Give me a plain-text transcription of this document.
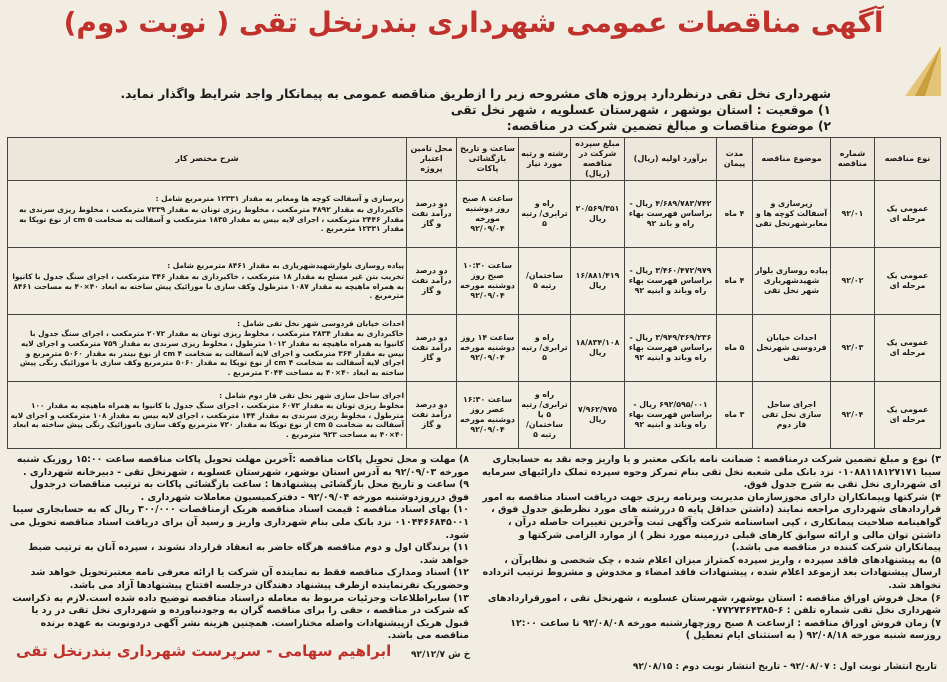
آگهی مناقصات عمومی شهرداری بندرنخل تقی ( نوبت دوم)
شهرداری نخل تقی درنظردارد پروژه های مشروحه زیر را ازطریق مناقصه عمومی به پیمانکار واجد شرایط واگذار نماید.
۱) موقعیت : استان بوشهر ، شهرستان عسلویه ، شهر نخل تقی
۲) موضوع مناقصات و مبالغ تضمین شرکت در مناقصه:
نوع مناقصه	شماره مناقصه	موضوع مناقصه	مدت پیمان	برآورد اولیه (ریال)	مبلغ سپرده شرکت در مناقصه (ریال)	رشته و رتبه مورد نیاز	ساعت و تاریخ بازگشائی پاکات	محل تامین اعتبار پروژه	شرح مختصر کار
عمومی یک مرحله ای	۹۲/۰۱	زیرسازی و آسفالت کوچه ها و معابرشهرنخل تقی	۴ ماه	۴/۶۸۹/۷۸۳/۷۴۲ ریال - براساس فهرست بهاء راه و باند ۹۲	۲۰/۵۶۹/۳۵۱ ریال	راه و ترابری/ رتبه ۵	ساعت ۸ صبح روز دوشنبه مورخه ۹۲/۰۹/۰۴	دو درصد درآمد نفت و گاز	زیرسازی و آسفالت کوچه ها ومعابر به مقدار ۱۲۳۳۱ مترمربع شامل :
خاکبرداری به مقدار ۴۸۹۲ مترمکعب ، مخلوط ریزی تونان به مقدار ۷۳۳۹ مترمکعب ، مخلوط ریزی سرندی به مقدار ۲۴۴۶ مترمکعب ، اجرای لایه بیس به مقدار ۱۸۳۵ مترمکعب و آسفالت به ضخامت ۵ cm از نوع توپکا به مقدار ۱۲۳۳۱ مترمربع .
عمومی یک مرحله ای	۹۲/۰۲	پیاده روسازی بلوار شهیدشهریاری شهر نخل تقی	۴ ماه	۳/۴۶۰/۴۷۲/۹۷۹ ریال - براساس فهرست بهاء راه وباند و ابنیه ۹۲	۱۶/۸۸۱/۴۱۹ ریال	ساختمان/ رتبه ۵	ساعت ۱۰:۳۰ صبح روز دوشنبه مورخه ۹۲/۰۹/۰۴	دو درصد درآمد نفت و گاز	پیاده روسازی بلوارشهیدشهریاری به مقدار ۸۴۶۱ مترمربع شامل :
تخریب بتن غیر مسلح به مقدار ۱۸ مترمکعب ، خاکبرداری به مقدار ۳۴۶ مترمکعب ، اجرای سنگ جدول با کانیوا به همراه ماهیچه به مقدار ۱۰۸۷ مترطول وکف سازی با موزائیک پیش ساخته به ابعاد ۴۰×۴۰ به مساحت ۸۴۶۱ مترمربع .
عمومی یک مرحله ای	۹۲/۰۳	احداث خیابان فردوسی شهرنخل تقی	۵ ماه	۳/۹۴۹/۳۶۹/۲۳۶ ریال - براساس فهرست بهاء راه وباند و ابنیه ۹۲	۱۸/۸۳۴/۱۰۸ ریال	راه و ترابری/ رتبه ۵	ساعت ۱۴ روز دوشنبه مورخه ۹۲/۰۹/۰۴	دو درصد درآمد نفت و گاز	احداث خیابان فردوسی شهر نخل تقی شامل :
خاکبرداری به مقدار ۲۸۳۴ مترمکعب ، مخلوط ریزی تونان به مقدار ۲۰۷۲ مترمکعب ، اجرای سنگ جدول با کانیوا به همراه ماهیچه به مقدار ۱۰۱۲ مترطول ، مخلوط ریزی سرندی به مقدار ۷۵۹ مترمکعب و اجرای لایه بیس به مقدار ۳۶۴ مترمکعب و اجرای لایه آسفالت به ضخامت ۴ cm از نوع بیندر به مقدار ۵۰۶۰ مترمربع و اجرای لایه آسفالت به ضخامت ۴ cm از نوع توپکا به مقدار ۵۰۶۰ مترمربع وکف سازی با موزائیک رنگی پیش ساخته به ابعاد ۴۰×۴۰ به مساحت ۲۰۴۴ مترمربع .
عمومی یک مرحله ای	۹۲/۰۴	اجرای ساحل سازی نخل تقی فاز دوم	۳ ماه	۶۹۲/۵۹۵/۰۰۱ ریال - براساس فهرست بهاء راه وباند و ابنیه ۹۲	۷/۹۶۲/۹۷۵ ریال	راه و ترابری/ رتبه ۵ یا ساختمان/ رتبه ۵	ساعت ۱۶:۳۰ عصر روز دوشنبه مورخه ۹۲/۰۹/۰۴	دو درصد درآمد نفت و گاز	اجرای ساحل سازی شهر نخل تقی فاز دوم شامل :
مخلوط ریزی تونان به مقدار ۶۰۷۲ مترمکعب ، اجرای سنگ جدول با کانیوا به همراه ماهیچه به مقدار ۱۰۰ مترطول ، مخلوط ریزی سرندی به مقدار ۱۴۴ مترمکعب ، اجرای لایه بیس به مقدار ۱۰۸ مترمکعب و اجرای لایه آسفالت به ضخامت ۵ cm از نوع توپکا به مقدار ۷۲۰ مترمربع وکف سازی باموزائیک رنگی پیش ساخته به ابعاد ۴۰×۴۰ به مساحت ۹۲۳ مترمربع .
۳) نوع و مبلغ تضمین شرکت درمناقصه : ضمانت نامه بانکی معتبر و یا واریز وجه نقد به حسابجاری سیبا ۰۱۰۸۸۱۱۸۱۲۷۱۷۱ نزد بانک ملی شعبه نخل تقی بنام تمرکز وجوه سپرده تملک دارائیهای سرمایه ای شهرداری نخل تقی به شرح جدول فوق.
۴) شرکتها وپیمانکاران دارای مجوزسازمان مدیریت وبرنامه ریزی جهت دریافت اسناد مناقصه به امور قراردادهای شهرداری مراجعه نمایند (داشتن حداقل پایه ۵ دررشته های مورد نظرطبق جدول فوق ، گواهینامه صلاحیت پیمانکاری ، کپی اساسنامه شرکت وآگهی ثبت وآخرین تغییرات حاصله درآن ، داشتن توان مالی و ارائه سوابق کارهای قبلی درزمینه مورد نظر ) از موارد الزامی شرکتها و پیمانکاران شرکت کننده در مناقصه می باشد.)
۵) به پیشنهادهای فاقد سپرده ، واریز سپرده کمتراز میزان اعلام شده ، چک شخصی و نظایرآن ، ارسال پیشنهادات بعد ازموعد اعلام شده ، پیشنهادات فاقد امضاء و مخدوش و مشروط ترتیب اثرداده نخواهد شد.
۶) محل فروش اوراق مناقصه : استان بوشهر، شهرستان عسلویه ، شهرنخل تقی ، امورقراردادهای شهرداری نخل تقی شماره تلفن : ۶-۰۷۷۲۷۳۶۴۳۸۵
۷) زمان فروش اوراق مناقصه : ازساعت ۸ صبح روزچهارشنبه مورخه ۹۲/۰۸/۰۸ تا ساعت ۱۲:۰۰ روزسه شنبه مورخه ۹۲/۰۸/۱۸ ( به استثنای ایام تعطیل )
۸) مهلت و محل تحویل پاکات مناقصه :آخرین مهلت تحویل پاکات مناقصه ساعت ۱۵:۰۰ روزیک شنبه مورخه ۹۲/۰۹/۰۳ به آدرس استان بوشهر، شهرستان عسلویه ، شهرنخل تقی - دبیرخانه شهرداری .
۹) ساعت و تاریخ محل بازگشائی پیشنهادها : ساعت بازگشائی پاکات به ترتیب مناقصات درجدول فوق درروزدوشنبه مورخه ۹۲/۰۹/۰۴ - دفترکمیسیون معاملات شهرداری .
۱۰) بهای اسناد مناقصه : قیمت اسناد مناقصه هریک ازمناقصات ۳۰۰/۰۰۰ ریال که به حسابجاری سیبا ۰۱۰۴۴۶۶۸۴۵۰۰۱ نزد بانک ملی بنام شهرداری واریز و رسید آن برای دریافت اسناد مناقصه تحویل می شود.
۱۱) برندگان اول و دوم مناقصه هرگاه حاضر به انعقاد قرارداد نشوند ، سپرده آنان به ترتیب ضبط خواهد شد.
۱۲) اسناد ومدارک مناقصه فقط به نماینده آن شرکت یا ارائه معرفی نامه معتبرتحویل خواهد شد وحضوریک نفرنماینده ازطرف پیشنهاد دهندگان درجلسه افتتاح پیشنهادها آزاد می باشد.
۱۳) سایراطلاعات وجزئیات مربوط به معامله دراسناد مناقصه توضیح داده شده است.لازم به ذکراست که شرکت در مناقصه ، حقی را برای مناقصه گران به وجودنیاورده و شهرداری نخل تقی در رد یا قبول هریک ازپیشنهادات واصله مختاراست. همچنین هزینه نشر آگهی دردونوبت به عهده برنده مناقصه می باشد.
ابراهیم سهامی - سرپرست شهرداری بندرنخل تقی خ ش ۹۲/۱۲/۷
تاریخ انتشار نوبت اول : ۹۲/۰۸/۰۷ - تاریخ انتشار نوبت دوم : ۹۲/۰۸/۱۵
